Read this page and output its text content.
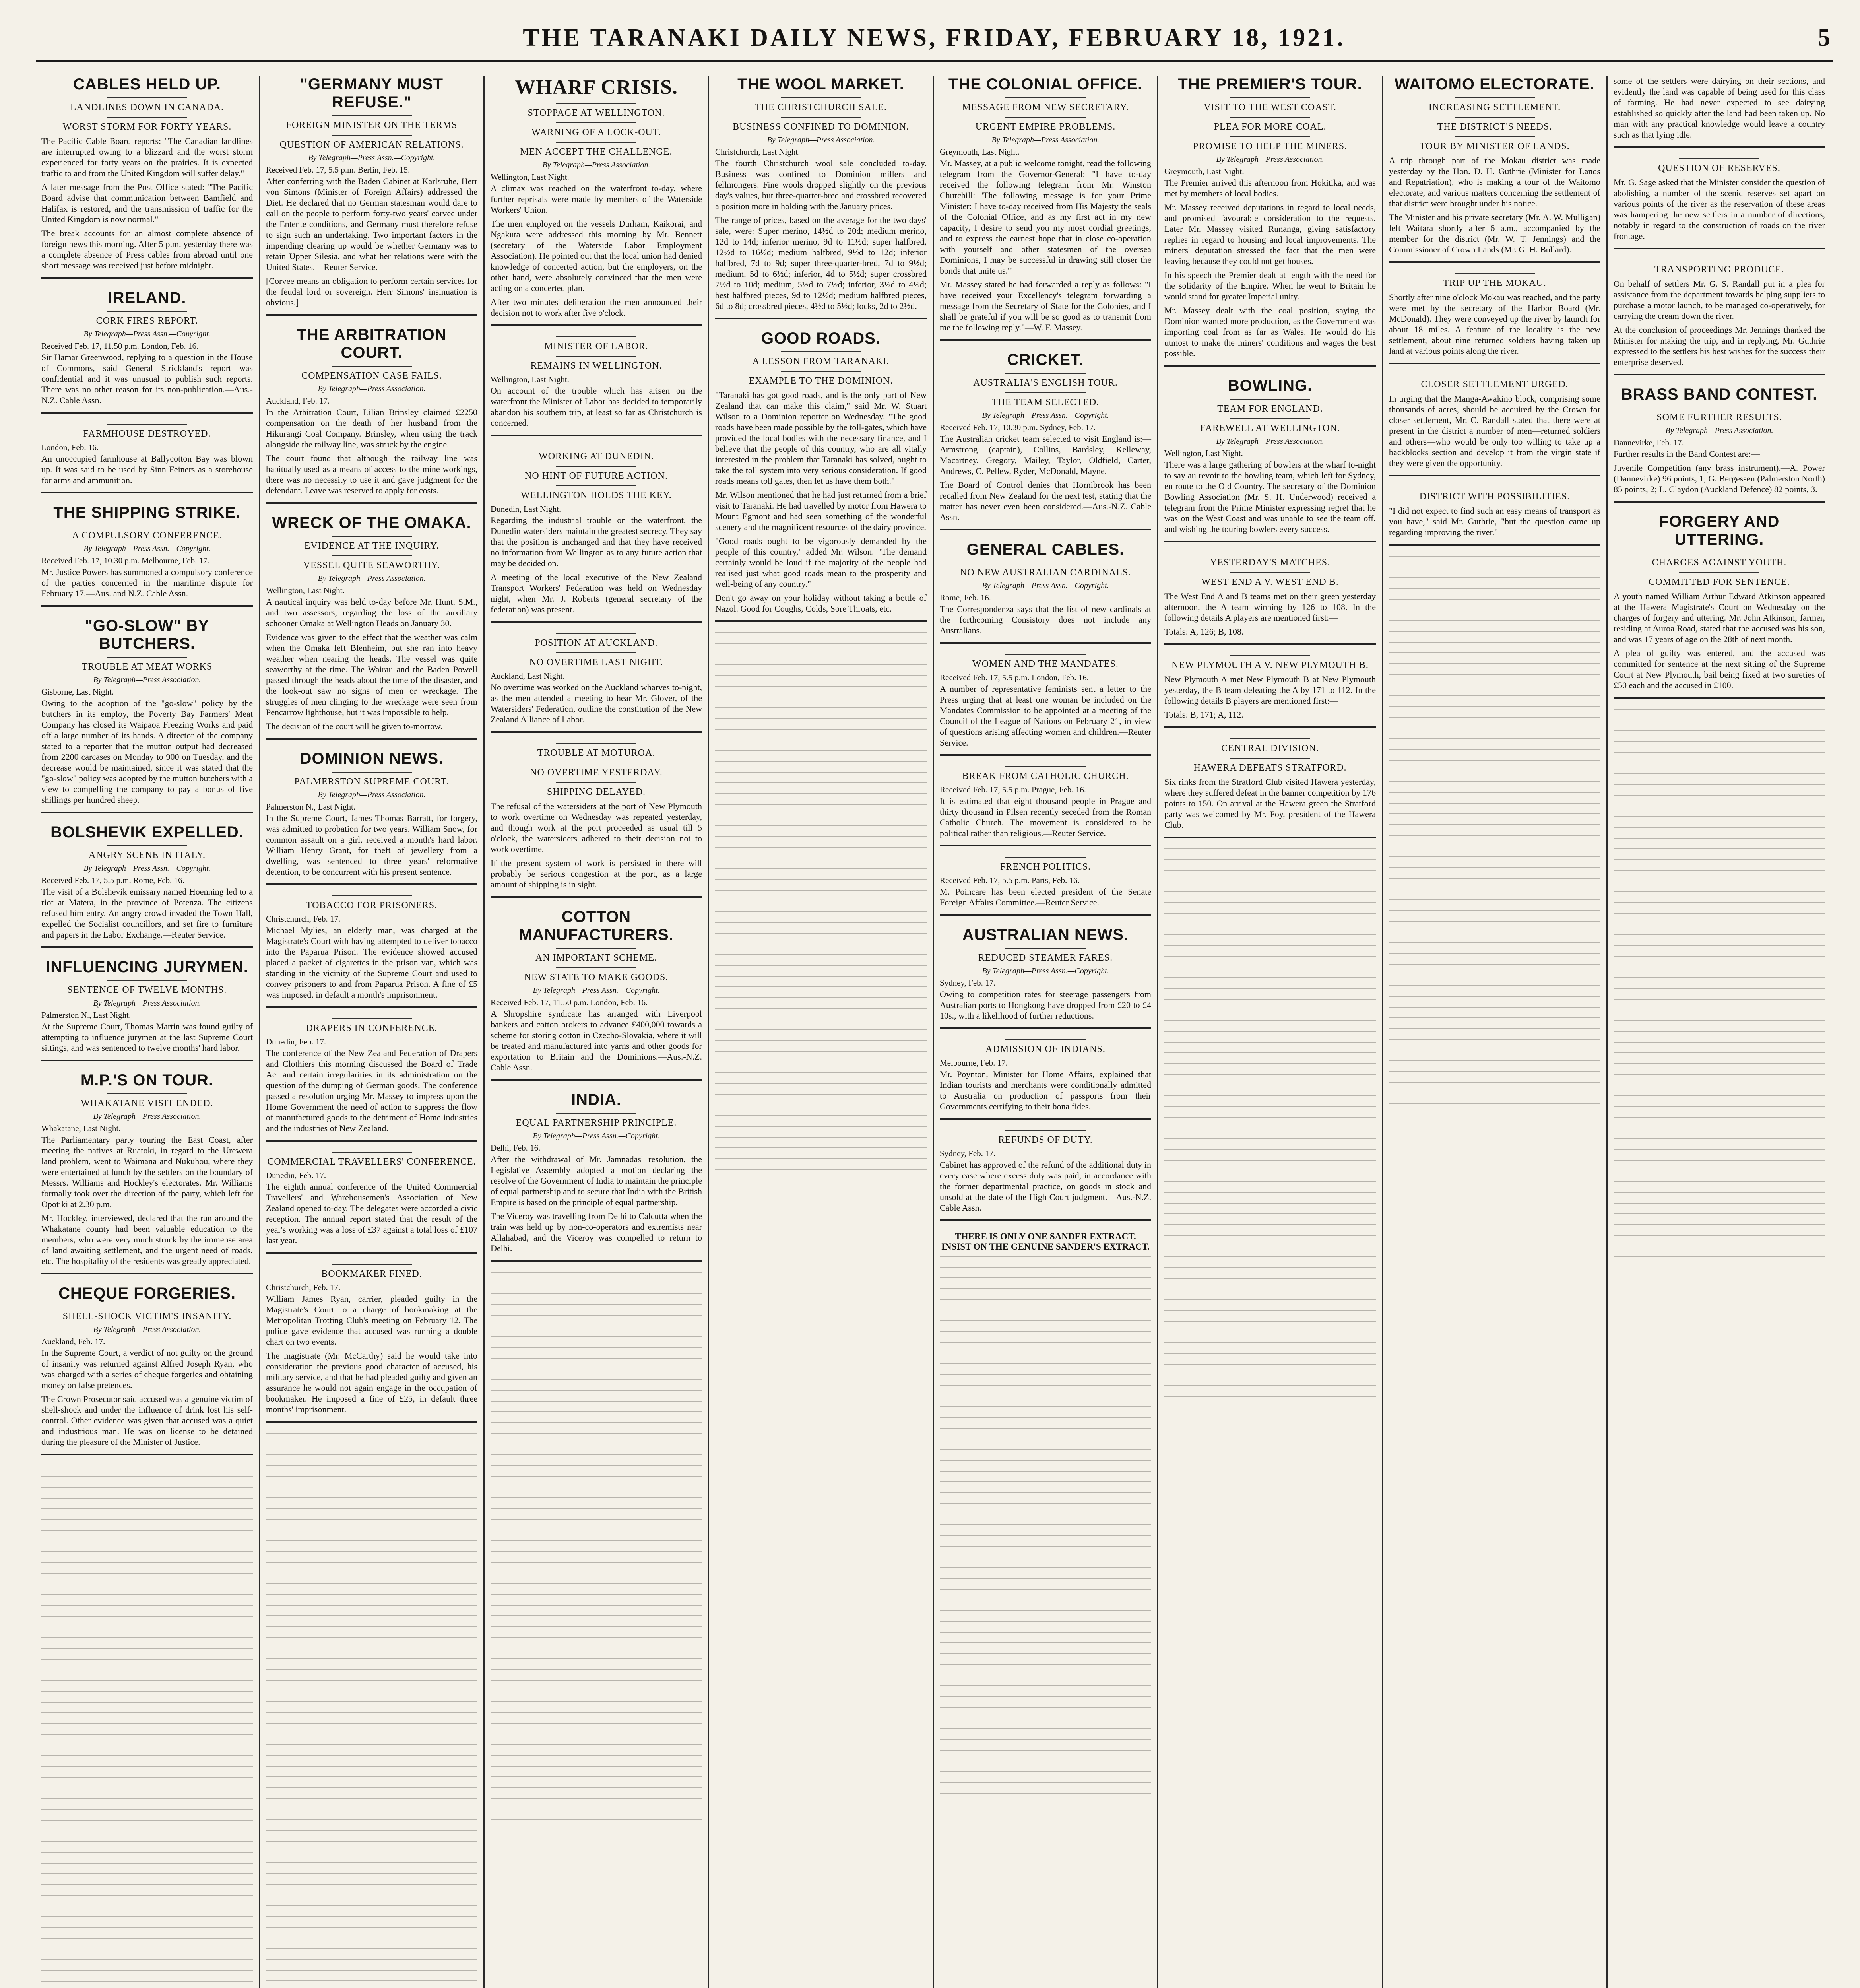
THE TARANAKI DAILY NEWS, FRIDAY, FEBRUARY 18, 1921.	5
CABLES HELD UP.
LANDLINES DOWN IN CANADA.
WORST STORM FOR FORTY YEARS.

The Pacific Cable Board reports: "The Canadian landlines are interrupted owing to a blizzard and the worst storm experienced for forty years on the prairies. It is expected traffic to and from the United Kingdom will suffer delay."

A later message from the Post Office stated: "The Pacific Board advise that communication between Bamfield and Halifax is restored, and the transmission of traffic for the United Kingdom is now normal."

The break accounts for an almost complete absence of foreign news this morning. After 5 p.m. yesterday there was a complete absence of Press cables from abroad until one short message was received just before midnight.

IRELAND.
CORK FIRES REPORT.
By Telegraph—Press Assn.—Copyright.
Received Feb. 17, 11.50 p.m. London, Feb. 16.

Sir Hamar Greenwood, replying to a question in the House of Commons, said General Strickland's report was confidential and it was unusual to publish such reports. There was no other reason for its non-publication.—Aus.-N.Z. Cable Assn.

FARMHOUSE DESTROYED.
London, Feb. 16.

An unoccupied farmhouse at Ballycotton Bay was blown up. It was said to be used by Sinn Feiners as a storehouse for arms and ammunition.

THE SHIPPING STRIKE.
A COMPULSORY CONFERENCE.
By Telegraph—Press Assn.—Copyright.
Received Feb. 17, 10.30 p.m. Melbourne, Feb. 17.

Mr. Justice Powers has summoned a compulsory conference of the parties concerned in the maritime dispute for February 17.—Aus. and N.Z. Cable Assn.

"GO-SLOW" BY BUTCHERS.
TROUBLE AT MEAT WORKS
By Telegraph—Press Association.
Gisborne, Last Night.

Owing to the adoption of the "go-slow" policy by the butchers in its employ, the Poverty Bay Farmers' Meat Company has closed its Waipaoa Freezing Works and paid off a large number of its hands. A director of the company stated to a reporter that the mutton output had decreased from 2200 carcases on Monday to 900 on Tuesday, and the decrease would be maintained, since it was stated that the "go-slow" policy was adopted by the mutton butchers with a view to compelling the company to pay a bonus of five shillings per hundred sheep.

BOLSHEVIK EXPELLED.
ANGRY SCENE IN ITALY.
By Telegraph—Press Assn.—Copyright.
Received Feb. 17, 5.5 p.m. Rome, Feb. 16.

The visit of a Bolshevik emissary named Hoenning led to a riot at Matera, in the province of Potenza. The citizens refused him entry. An angry crowd invaded the Town Hall, expelled the Socialist councillors, and set fire to furniture and papers in the Labor Exchange.—Reuter Service.

INFLUENCING JURYMEN.
SENTENCE OF TWELVE MONTHS.
By Telegraph—Press Association.
Palmerston N., Last Night.

At the Supreme Court, Thomas Martin was found guilty of attempting to influence jurymen at the last Supreme Court sittings, and was sentenced to twelve months' hard labor.

M.P.'S ON TOUR.
WHAKATANE VISIT ENDED.
By Telegraph—Press Association.
Whakatane, Last Night.

The Parliamentary party touring the East Coast, after meeting the natives at Ruatoki, in regard to the Urewera land problem, went to Waimana and Nukuhou, where they were entertained at lunch by the settlers on the boundary of Messrs. Williams and Hockley's electorates. Mr. Williams formally took over the direction of the party, which left for Opotiki at 2.30 p.m.

Mr. Hockley, interviewed, declared that the run around the Whakatane county had been valuable education to the members, who were very much struck by the immense area of land awaiting settlement, and the urgent need of roads, etc. The hospitality of the residents was greatly appreciated.

CHEQUE FORGERIES.
SHELL-SHOCK VICTIM'S INSANITY.
By Telegraph—Press Association.
Auckland, Feb. 17.

In the Supreme Court, a verdict of not guilty on the ground of insanity was returned against Alfred Joseph Ryan, who was charged with a series of cheque forgeries and obtaining money on false pretences.

The Crown Prosecutor said accused was a genuine victim of shell-shock and under the influence of drink lost his self-control. Other evidence was given that accused was a quiet and industrious man. He was on license to be detained during the pleasure of the Minister of Justice.

"GERMANY MUST REFUSE."
FOREIGN MINISTER ON THE TERMS
QUESTION OF AMERICAN RELATIONS.
By Telegraph—Press Assn.—Copyright.
Received Feb. 17, 5.5 p.m. Berlin, Feb. 15.

After conferring with the Baden Cabinet at Karlsruhe, Herr von Simons (Minister of Foreign Affairs) addressed the Diet. He declared that no German statesman would dare to call on the people to perform forty-two years' corvee under the Entente conditions, and Germany must therefore refuse to sign such an undertaking. Two important factors in the impending clearing up would be whether Germany was to retain Upper Silesia, and what her relations were with the United States.—Reuter Service.

[Corvee means an obligation to perform certain services for the feudal lord or sovereign. Herr Simons' insinuation is obvious.]

THE ARBITRATION COURT.
COMPENSATION CASE FAILS.
By Telegraph—Press Association.
Auckland, Feb. 17.

In the Arbitration Court, Lilian Brinsley claimed £2250 compensation on the death of her husband from the Hikurangi Coal Company. Brinsley, when using the track alongside the railway line, was struck by the engine.

The court found that although the railway line was habitually used as a means of access to the mine workings, there was no necessity to use it and gave judgment for the defendant. Leave was reserved to apply for costs.

WRECK OF THE OMAKA.
EVIDENCE AT THE INQUIRY.
VESSEL QUITE SEAWORTHY.
By Telegraph—Press Association.
Wellington, Last Night.

A nautical inquiry was held to-day before Mr. Hunt, S.M., and two assessors, regarding the loss of the auxiliary schooner Omaka at Wellington Heads on January 30.

Evidence was given to the effect that the weather was calm when the Omaka left Blenheim, but she ran into heavy weather when nearing the heads. The vessel was quite seaworthy at the time. The Wairau and the Baden Powell passed through the heads about the time of the disaster, and the look-out saw no signs of men or wreckage. The struggles of men clinging to the wreckage were seen from Pencarrow lighthouse, but it was impossible to help.

The decision of the court will be given to-morrow.

DOMINION NEWS.
PALMERSTON SUPREME COURT.
By Telegraph—Press Association.
Palmerston N., Last Night.

In the Supreme Court, James Thomas Barratt, for forgery, was admitted to probation for two years. William Snow, for common assault on a girl, received a month's hard labor. William Henry Grant, for theft of jewellery from a dwelling, was sentenced to three years' reformative detention, to be concurrent with his present sentence.

TOBACCO FOR PRISONERS.
Christchurch, Feb. 17.

Michael Mylies, an elderly man, was charged at the Magistrate's Court with having attempted to deliver tobacco into the Paparua Prison. The evidence showed accused placed a packet of cigarettes in the prison van, which was standing in the vicinity of the Supreme Court and used to convey prisoners to and from Paparua Prison. A fine of £5 was imposed, in default a month's imprisonment.

DRAPERS IN CONFERENCE.
Dunedin, Feb. 17.

The conference of the New Zealand Federation of Drapers and Clothiers this morning discussed the Board of Trade Act and certain irregularities in its administration on the question of the dumping of German goods. The conference passed a resolution urging Mr. Massey to impress upon the Home Government the need of action to suppress the flow of manufactured goods to the detriment of Home industries and the industries of New Zealand.

COMMERCIAL TRAVELLERS' CONFERENCE.
Dunedin, Feb. 17.

The eighth annual conference of the United Commercial Travellers' and Warehousemen's Association of New Zealand opened to-day. The delegates were accorded a civic reception. The annual report stated that the result of the year's working was a loss of £37 against a total loss of £107 last year.

BOOKMAKER FINED.
Christchurch, Feb. 17.

William James Ryan, carrier, pleaded guilty in the Magistrate's Court to a charge of bookmaking at the Metropolitan Trotting Club's meeting on February 12. The police gave evidence that accused was running a double chart on two events.

The magistrate (Mr. McCarthy) said he would take into consideration the previous good character of accused, his military service, and that he had pleaded guilty and given an assurance he would not again engage in the occupation of bookmaker. He imposed a fine of £25, in default three months' imprisonment.

WHARF CRISIS.
STOPPAGE AT WELLINGTON.
WARNING OF A LOCK-OUT.
MEN ACCEPT THE CHALLENGE.
By Telegraph—Press Association.
Wellington, Last Night.

A climax was reached on the waterfront to-day, where further reprisals were made by members of the Waterside Workers' Union.

The men employed on the vessels Durham, Kaikorai, and Ngakuta were addressed this morning by Mr. Bennett (secretary of the Waterside Labor Employment Association). He pointed out that the local union had denied knowledge of concerted action, but the employers, on the other hand, were absolutely convinced that the men were acting on a concerted plan.

After two minutes' deliberation the men announced their decision not to work after five o'clock.

MINISTER OF LABOR.
REMAINS IN WELLINGTON.
Wellington, Last Night.

On account of the trouble which has arisen on the waterfront the Minister of Labor has decided to temporarily abandon his southern trip, at least so far as Christchurch is concerned.

WORKING AT DUNEDIN.
NO HINT OF FUTURE ACTION.
WELLINGTON HOLDS THE KEY.
Dunedin, Last Night.

Regarding the industrial trouble on the waterfront, the Dunedin watersiders maintain the greatest secrecy. They say that the position is unchanged and that they have received no information from Wellington as to any future action that may be decided on.

A meeting of the local executive of the New Zealand Transport Workers' Federation was held on Wednesday night, when Mr. J. Roberts (general secretary of the federation) was present.

POSITION AT AUCKLAND.
NO OVERTIME LAST NIGHT.
Auckland, Last Night.

No overtime was worked on the Auckland wharves to-night, as the men attended a meeting to hear Mr. Glover, of the Watersiders' Federation, outline the constitution of the New Zealand Alliance of Labor.

TROUBLE AT MOTUROA.
NO OVERTIME YESTERDAY.
SHIPPING DELAYED.

The refusal of the watersiders at the port of New Plymouth to work overtime on Wednesday was repeated yesterday, and though work at the port proceeded as usual till 5 o'clock, the watersiders adhered to their decision not to work overtime.

If the present system of work is persisted in there will probably be serious congestion at the port, as a large amount of shipping is in sight.

COTTON MANUFACTURERS.
AN IMPORTANT SCHEME.
NEW STATE TO MAKE GOODS.
By Telegraph—Press Assn.—Copyright.
Received Feb. 17, 11.50 p.m. London, Feb. 16.

A Shropshire syndicate has arranged with Liverpool bankers and cotton brokers to advance £400,000 towards a scheme for storing cotton in Czecho-Slovakia, where it will be treated and manufactured into yarns and other goods for exportation to Britain and the Dominions.—Aus.-N.Z. Cable Assn.

INDIA.
EQUAL PARTNERSHIP PRINCIPLE.
By Telegraph—Press Assn.—Copyright.
Delhi, Feb. 16.

After the withdrawal of Mr. Jamnadas' resolution, the Legislative Assembly adopted a motion declaring the resolve of the Government of India to maintain the principle of equal partnership and to secure that India with the British Empire is based on the principle of equal partnership.

The Viceroy was travelling from Delhi to Calcutta when the train was held up by non-co-operators and extremists near Allahabad, and the Viceroy was compelled to return to Delhi.

THE WOOL MARKET.
THE CHRISTCHURCH SALE.
BUSINESS CONFINED TO DOMINION.
By Telegraph—Press Association.
Christchurch, Last Night.

The fourth Christchurch wool sale concluded to-day. Business was confined to Dominion millers and fellmongers. Fine wools dropped slightly on the previous day's values, but three-quarter-bred and crossbred recovered a position more in holding with the January prices.

The range of prices, based on the average for the two days' sale, were: Super merino, 14½d to 20d; medium merino, 12d to 14d; inferior merino, 9d to 11½d; super halfbred, 12½d to 16½d; medium halfbred, 9½d to 12d; inferior halfbred, 7d to 9d; super three-quarter-bred, 7d to 9½d; medium, 5d to 6½d; inferior, 4d to 5½d; super crossbred 7½d to 10d; medium, 5½d to 7½d; inferior, 3½d to 4½d; best halfbred pieces, 9d to 12½d; medium halfbred pieces, 6d to 8d; crossbred pieces, 4½d to 5½d; locks, 2d to 2½d.

GOOD ROADS.
A LESSON FROM TARANAKI.
EXAMPLE TO THE DOMINION.

"Taranaki has got good roads, and is the only part of New Zealand that can make this claim," said Mr. W. Stuart Wilson to a Dominion reporter on Wednesday. "The good roads have been made possible by the toll-gates, which have provided the local bodies with the necessary finance, and I believe that the people of this country, who are all vitally interested in the problem that Taranaki has solved, ought to take the toll system into very serious consideration. If good roads means toll gates, then let us have them both."

Mr. Wilson mentioned that he had just returned from a brief visit to Taranaki. He had travelled by motor from Hawera to Mount Egmont and had seen something of the wonderful scenery and the magnificent resources of the dairy province.

"Good roads ought to be vigorously demanded by the people of this country," added Mr. Wilson. "The demand certainly would be loud if the majority of the people had realised just what good roads mean to the prosperity and well-being of any country."

Don't go away on your holiday without taking a bottle of Nazol. Good for Coughs, Colds, Sore Throats, etc.

THE COLONIAL OFFICE.
MESSAGE FROM NEW SECRETARY.
URGENT EMPIRE PROBLEMS.
By Telegraph—Press Association.
Greymouth, Last Night.

Mr. Massey, at a public welcome tonight, read the following telegram from the Governor-General: "I have to-day received the following telegram from Mr. Winston Churchill: 'The following message is for your Prime Minister: I have to-day received from His Majesty the seals of the Colonial Office, and as my first act in my new capacity, I desire to send you my most cordial greetings, and to express the earnest hope that in close co-operation with yourself and other statesmen of the oversea Dominions, I may be successful in drawing still closer the bonds that unite us.'"

Mr. Massey stated he had forwarded a reply as follows: "I have received your Excellency's telegram forwarding a message from the Secretary of State for the Colonies, and I shall be grateful if you will be so good as to transmit from me the following reply."—W. F. Massey.

CRICKET.
AUSTRALIA'S ENGLISH TOUR.
THE TEAM SELECTED.
By Telegraph—Press Assn.—Copyright.
Received Feb. 17, 10.30 p.m. Sydney, Feb. 17.

The Australian cricket team selected to visit England is:—Armstrong (captain), Collins, Bardsley, Kelleway, Macartney, Gregory, Mailey, Taylor, Oldfield, Carter, Andrews, C. Pellew, Ryder, McDonald, Mayne.

The Board of Control denies that Hornibrook has been recalled from New Zealand for the next test, stating that the matter has never even been considered.—Aus.-N.Z. Cable Assn.

GENERAL CABLES.
NO NEW AUSTRALIAN CARDINALS.
By Telegraph—Press Assn.—Copyright.
Rome, Feb. 16.

The Correspondenza says that the list of new cardinals at the forthcoming Consistory does not include any Australians.

WOMEN AND THE MANDATES.
Received Feb. 17, 5.5 p.m. London, Feb. 16.

A number of representative feminists sent a letter to the Press urging that at least one woman be included on the Mandates Commission to be appointed at a meeting of the Council of the League of Nations on February 21, in view of questions arising affecting women and children.—Reuter Service.

BREAK FROM CATHOLIC CHURCH.
Received Feb. 17, 5.5 p.m. Prague, Feb. 16.

It is estimated that eight thousand people in Prague and thirty thousand in Pilsen recently seceded from the Roman Catholic Church. The movement is considered to be political rather than religious.—Reuter Service.

FRENCH POLITICS.
Received Feb. 17, 5.5 p.m. Paris, Feb. 16.

M. Poincare has been elected president of the Senate Foreign Affairs Committee.—Reuter Service.

AUSTRALIAN NEWS.
REDUCED STEAMER FARES.
By Telegraph—Press Assn.—Copyright.
Sydney, Feb. 17.

Owing to competition rates for steerage passengers from Australian ports to Hongkong have dropped from £20 to £4 10s., with a likelihood of further reductions.

ADMISSION OF INDIANS.
Melbourne, Feb. 17.

Mr. Poynton, Minister for Home Affairs, explained that Indian tourists and merchants were conditionally admitted to Australia on production of passports from their Governments certifying to their bona fides.

REFUNDS OF DUTY.
Sydney, Feb. 17.

Cabinet has approved of the refund of the additional duty in every case where excess duty was paid, in accordance with the former departmental practice, on goods in stock and unsold at the date of the High Court judgment.—Aus.-N.Z. Cable Assn.

THERE IS ONLY ONE SANDER EXTRACT. INSIST ON THE GENUINE SANDER'S EXTRACT.
THE PREMIER'S TOUR.
VISIT TO THE WEST COAST.
PLEA FOR MORE COAL.
PROMISE TO HELP THE MINERS.
By Telegraph—Press Association.
Greymouth, Last Night.

The Premier arrived this afternoon from Hokitika, and was met by members of local bodies.

Mr. Massey received deputations in regard to local needs, and promised favourable consideration to the requests. Later Mr. Massey visited Runanga, giving satisfactory replies in regard to housing and local improvements. The miners' deputation stressed the fact that the men were leaving because they could not get houses.

In his speech the Premier dealt at length with the need for the solidarity of the Empire. When he went to Britain he would stand for greater Imperial unity.

Mr. Massey dealt with the coal position, saying the Dominion wanted more production, as the Government was importing coal from as far as Wales. He would do his utmost to make the miners' conditions and wages the best possible.

BOWLING.
TEAM FOR ENGLAND.
FAREWELL AT WELLINGTON.
By Telegraph—Press Association.
Wellington, Last Night.

There was a large gathering of bowlers at the wharf to-night to say au revoir to the bowling team, which left for Sydney, en route to the Old Country. The secretary of the Dominion Bowling Association (Mr. S. H. Underwood) received a telegram from the Prime Minister expressing regret that he was on the West Coast and was unable to see the team off, and wishing the touring bowlers every success.

YESTERDAY'S MATCHES.
WEST END A V. WEST END B.

The West End A and B teams met on their green yesterday afternoon, the A team winning by 126 to 108. In the following details A players are mentioned first:—

Totals: A, 126; B, 108.

NEW PLYMOUTH A V. NEW PLYMOUTH B.

New Plymouth A met New Plymouth B at New Plymouth yesterday, the B team defeating the A by 171 to 112. In the following details B players are mentioned first:—

Totals: B, 171; A, 112.

CENTRAL DIVISION.
HAWERA DEFEATS STRATFORD.

Six rinks from the Stratford Club visited Hawera yesterday, where they suffered defeat in the banner competition by 176 points to 150. On arrival at the Hawera green the Stratford party was welcomed by Mr. Foy, president of the Hawera Club.

WAITOMO ELECTORATE.
INCREASING SETTLEMENT.
THE DISTRICT'S NEEDS.
TOUR BY MINISTER OF LANDS.

A trip through part of the Mokau district was made yesterday by the Hon. D. H. Guthrie (Minister for Lands and Repatriation), who is making a tour of the Waitomo electorate, and various matters concerning the settlement of that district were brought under his notice.

The Minister and his private secretary (Mr. A. W. Mulligan) left Waitara shortly after 6 a.m., accompanied by the member for the district (Mr. W. T. Jennings) and the Commissioner of Crown Lands (Mr. G. H. Bullard).

TRIP UP THE MOKAU.

Shortly after nine o'clock Mokau was reached, and the party were met by the secretary of the Harbor Board (Mr. McDonald). They were conveyed up the river by launch for about 18 miles. A feature of the locality is the new settlement, about nine returned soldiers having taken up land at various points along the river.

CLOSER SETTLEMENT URGED.

In urging that the Manga-Awakino block, comprising some thousands of acres, should be acquired by the Crown for closer settlement, Mr. C. Randall stated that there were at present in the district a number of men—returned soldiers and others—who would be only too willing to take up a backblocks section and develop it from the virgin state if they were given the opportunity.

DISTRICT WITH POSSIBILITIES.

"I did not expect to find such an easy means of transport as you have," said Mr. Guthrie, "but the question came up regarding improving the river."

some of the settlers were dairying on their sections, and evidently the land was capable of being used for this class of farming. He had never expected to see dairying established so quickly after the land had been taken up. No man with any practical knowledge would leave a country such as that lying idle.

QUESTION OF RESERVES.

Mr. G. Sage asked that the Minister consider the question of abolishing a number of the scenic reserves set apart on various points of the river as the reservation of these areas was hampering the new settlers in a number of directions, notably in regard to the construction of roads on the river frontage.

TRANSPORTING PRODUCE.

On behalf of settlers Mr. G. S. Randall put in a plea for assistance from the department towards helping suppliers to purchase a motor launch, to be managed co-operatively, for carrying the cream down the river.

At the conclusion of proceedings Mr. Jennings thanked the Minister for making the trip, and in replying, Mr. Guthrie expressed to the settlers his best wishes for the success their enterprise deserved.

BRASS BAND CONTEST.
SOME FURTHER RESULTS.
By Telegraph—Press Association.
Dannevirke, Feb. 17.

Further results in the Band Contest are:—

Juvenile Competition (any brass instrument).—A. Power (Dannevirke) 96 points, 1; G. Bergessen (Palmerston North) 85 points, 2; L. Claydon (Auckland Defence) 82 points, 3.

FORGERY AND UTTERING.
CHARGES AGAINST YOUTH.
COMMITTED FOR SENTENCE.

A youth named William Arthur Edward Atkinson appeared at the Hawera Magistrate's Court on Wednesday on the charges of forgery and uttering. Mr. John Atkinson, farmer, residing at Auroa Road, stated that the accused was his son, and was 17 years of age on the 28th of next month.

A plea of guilty was entered, and the accused was committed for sentence at the next sitting of the Supreme Court at New Plymouth, bail being fixed at two sureties of £50 each and the accused in £100.
